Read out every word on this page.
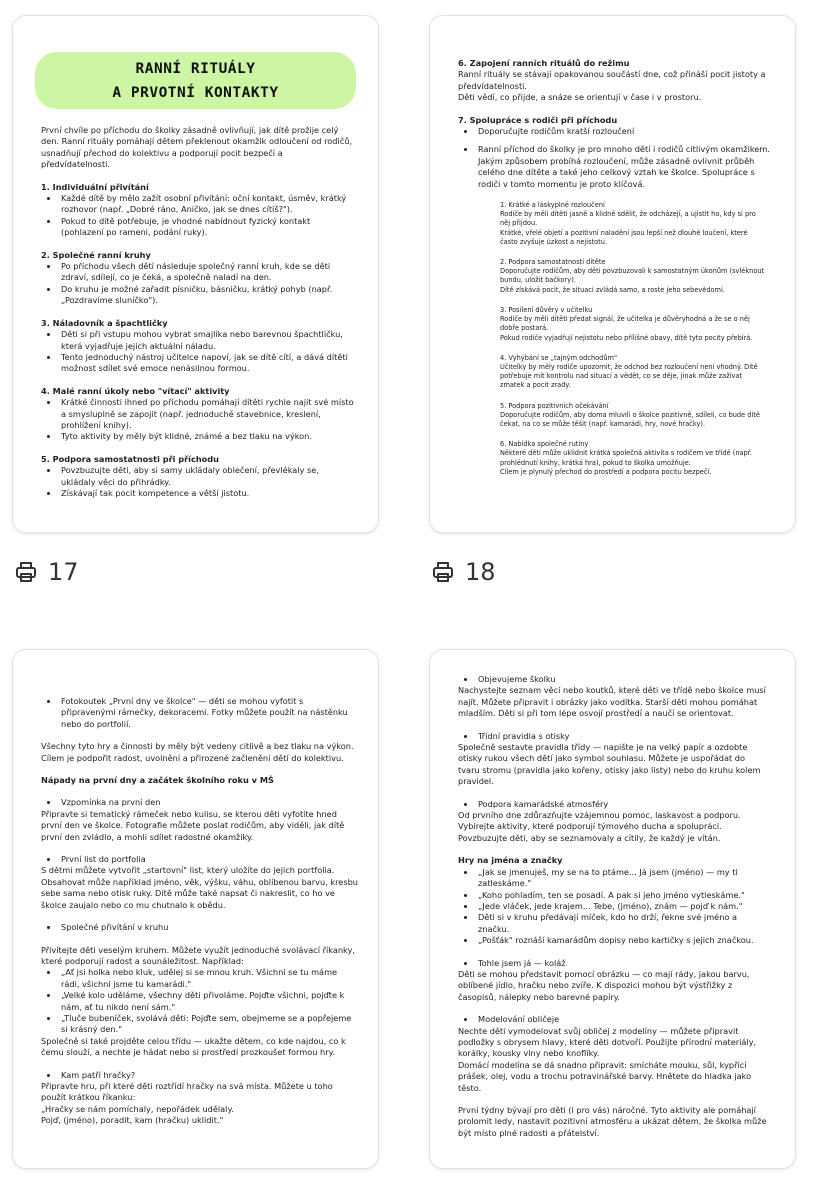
RANNÍ RITUÁLY
A PRVOTNÍ KONTAKTY

První chvíle po příchodu do školky zásadně ovlivňují, jak dítě prožije celý den. Ranní rituály pomáhají dětem překlenout okamžik odloučení od rodičů, usnadňují přechod do kolektivu a podporují pocit bezpečí a předvídatelnosti.

1. Individuální přivítání

• Každé dítě by mělo zažít osobní přivítání: oční kontakt, úsměv, krátký rozhovor (např. „Dobré ráno, Aničko, jak se dnes cítíš?").
• Pokud to dítě potřebuje, je vhodné nabídnout fyzický kontakt (pohlazení po rameni, podání ruky).

2. Společné ranní kruhy

• Po příchodu všech dětí následuje společný ranní kruh, kde se děti zdraví, sdílejí, co je čeká, a společně naladí na den.
• Do kruhu je možné zařadit písničku, básničku, krátký pohyb (např. „Pozdravíme sluníčko").

3. Náladovník a špachtličky

• Děti si při vstupu mohou vybrat smajlíka nebo barevnou špachtličku, která vyjadřuje jejich aktuální náladu.
• Tento jednoduchý nástroj učitelce napoví, jak se dítě cítí, a dává dítěti možnost sdílet své emoce nenásilnou formou.

4. Malé ranní úkoly nebo "vítací" aktivity

• Krátké činnosti ihned po příchodu pomáhají dítěti rychle najít své místo a smysluplně se zapojit (např. jednoduché stavebnice, kreslení, prohlížení knihy).
• Tyto aktivity by měly být klidné, známé a bez tlaku na výkon.

5. Podpora samostatnosti při příchodu

• Povzbuzujte děti, aby si samy ukládaly oblečení, převlékaly se, ukládaly věci do přihrádky.
• Získávají tak pocit kompetence a větší jistotu.
17

6. Zapojení ranních rituálů do režimu

Ranní rituály se stávají opakovanou součástí dne, což přináší pocit jistoty a předvídatelnosti.

Děti vědí, co přijde, a snáze se orientují v čase i v prostoru.

7. Spolupráce s rodiči při příchodu

• Doporučujte rodičům kratší rozloučení
• Ranní příchod do školky je pro mnoho dětí i rodičů citlivým okamžikem. Jakým způsobem probíhá rozloučení, může zásadně ovlivnit průběh celého dne dítěte a také jeho celkový vztah ke školce. Spolupráce s rodiči v tomto momentu je proto klíčová.

1. Krátké a láskyplné rozloučení

Rodiče by měli dítěti jasně a klidně sdělit, že odcházejí, a ujistit ho, kdy si pro něj přijdou.

Krátké, vřelé objetí a pozitivní naladění jsou lepší než dlouhé loučení, které často zvyšuje úzkost a nejistotu.

2. Podpora samostatnosti dítěte

Doporučujte rodičům, aby děti povzbuzovali k samostatným úkonům (svléknout bundu, uložit bačkory).

Dítě získává pocit, že situaci zvládá samo, a roste jeho sebevědomí.

3. Posílení důvěry v učitelku

Rodiče by měli dítěti předat signál, že učitelka je důvěryhodná a že se o něj dobře postará.

Pokud rodiče vyjadřují nejistotu nebo přílišné obavy, dítě tyto pocity přebírá.

4. Vyhýbání se „tajným odchodům"

Učitelky by měly rodiče upozornit, že odchod bez rozloučení není vhodný. Dítě potřebuje mít kontrolu nad situací a vědět, co se děje, jinak může zažívat zmatek a pocit zrady.

5. Podpora pozitivních očekávání

Doporučujte rodičům, aby doma mluvili o školce pozitivně, sdíleli, co bude dítě čekat, na co se může těšit (např. kamarádi, hry, nové hračky).

6. Nabídka společné rutiny

Některé děti může uklidnit krátká společná aktivita s rodičem ve třídě (např. prohlédnutí knihy, krátká hra), pokud to školka umožňuje.

Cílem je plynulý přechod do prostředí a podpora pocitu bezpečí.

18
• Fotokoutek „První dny ve školce" — děti se mohou vyfotit s připravenými rámečky, dekoracemi. Fotky můžete použít na nástěnku nebo do portfolií.

Všechny tyto hry a činnosti by měly být vedeny citlivě a bez tlaku na výkon. Cílem je podpořit radost, uvolnění a přirozené začlenění dětí do kolektivu.

Nápady na první dny a začátek školního roku v MŠ

• Vzpomínka na první den

Připravte si tematický rámeček nebo kulisu, se kterou děti vyfotíte hned první den ve školce. Fotografie můžete poslat rodičům, aby viděli, jak dítě první den zvládlo, a mohli sdílet radostné okamžiky.

• První list do portfolia

S dětmi můžete vytvořit „startovní" list, který uložíte do jejich portfolia. Obsahovat může například jméno, věk, výšku, váhu, oblíbenou barvu, kresbu sebe sama nebo otisk ruky. Dítě může také napsat či nakreslit, co ho ve školce zaujalo nebo co mu chutnalo k obědu.

• Společné přivítání v kruhu

Přivítejte děti veselým kruhem. Můžete využít jednoduché svolávací říkanky, které podporují radost a sounáležitost. Například:

• „Ať jsi holka nebo kluk, udělej si se mnou kruh. Všichni se tu máme rádi, všichni jsme tu kamarádi."
• „Velké kolo uděláme, všechny děti přivoláme. Pojďte všichni, pojďte k nám, ať tu nikdo není sám."
• „Tluče bubeníček, svolává děti: Pojďte sem, obejmeme se a popřejeme si krásný den."

Společně si také projděte celou třídu — ukažte dětem, co kde najdou, co k čemu slouží, a nechte je hádat nebo si prostředí prozkoušet formou hry.

• Kam patří hračky?

Připravte hru, při které děti roztřídí hračky na svá místa. Můžete u toho použít krátkou říkanku:

„Hračky se nám pomíchaly, nepořádek udělaly.

Pojď, (jméno), poradit, kam (hračku) uklidit."

• Objevujeme školku

Nachystejte seznam věcí nebo koutků, které děti ve třídě nebo školce musí najít. Můžete připravit i obrázky jako vodítka. Starší děti mohou pomáhat mladším. Děti si při tom lépe osvojí prostředí a naučí se orientovat.

• Třídní pravidla s otisky

Společně sestavte pravidla třídy — napište je na velký papír a ozdobte otisky rukou všech dětí jako symbol souhlasu. Můžete je uspořádat do tvaru stromu (pravidla jako kořeny, otisky jako listy) nebo do kruhu kolem pravidel.

• Podpora kamarádské atmosféry

Od prvního dne zdůrazňujte vzájemnou pomoc, laskavost a podporu. Vybírejte aktivity, které podporují týmového ducha a spolupráci. Povzbuzujte děti, aby se seznamovaly a cítily, že každý je vítán.

Hry na jména a značky

• „Jak se jmenuješ, my se na to ptáme... Já jsem (jméno) — my ti zatleskáme."
• „Koho pohladím, ten se posadí. A pak si jeho jméno vytleskáme."
• „Jede vláček, jede krajem... Tebe, (jméno), znám — pojď k nám."
• Děti si v kruhu předávají míček, kdo ho drží, řekne své jméno a značku.
• „Pošťák" roznáší kamarádům dopisy nebo kartičky s jejich značkou.
• Tohle jsem já — koláž

Děti se mohou představit pomocí obrázku — co mají rády, jakou barvu, oblíbené jídlo, hračku nebo zvíře. K dispozici mohou být výstřižky z časopisů, nálepky nebo barevné papíry.

• Modelování obličeje

Nechte děti vymodelovat svůj obličej z modelíny — můžete připravit podložky s obrysem hlavy, které děti dotvoří. Použijte přírodní materiály, korálky, kousky vlny nebo knoflíky.

Domácí modelína se dá snadno připravit: smícháte mouku, sůl, kypřicí prášek, olej, vodu a trochu potravinářské barvy. Hnětete do hladka jako těsto.

První týdny bývají pro děti (i pro vás) náročné. Tyto aktivity ale pomáhají prolomit ledy, nastavit pozitivní atmosféru a ukázat dětem, že školka může být místo plné radosti a přátelství.
